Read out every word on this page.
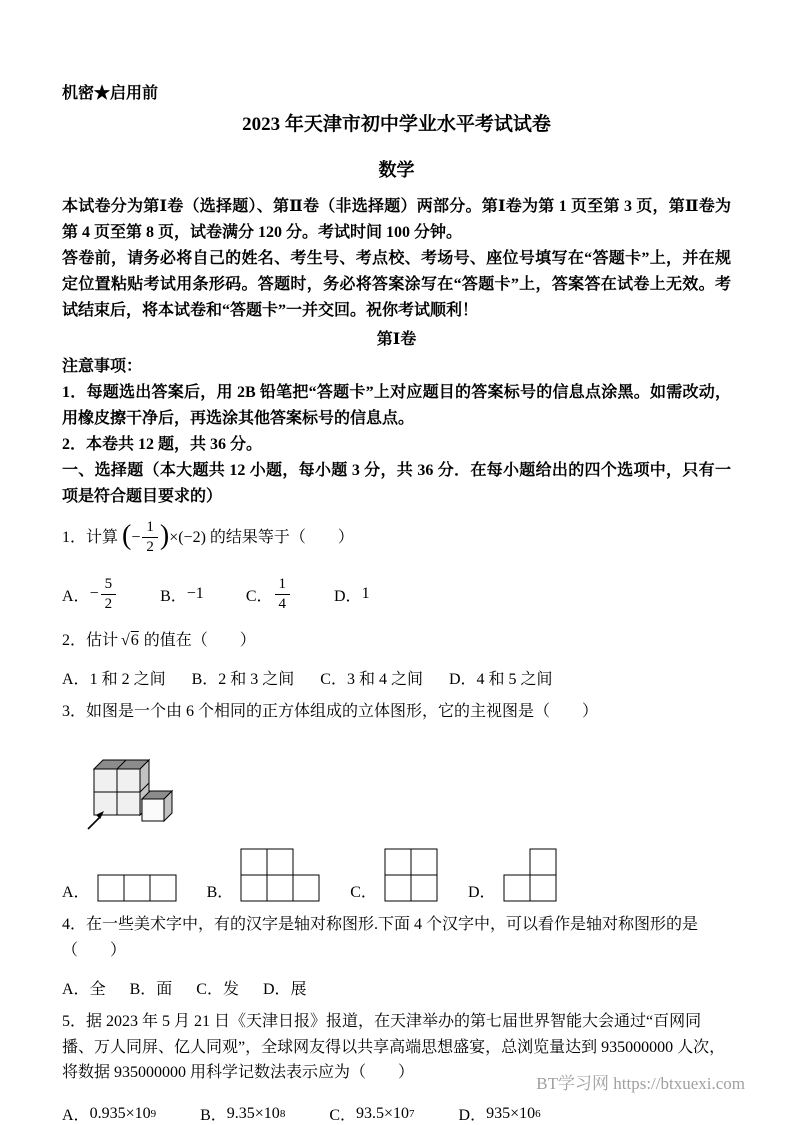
机密★启用前
2023 年天津市初中学业水平考试试卷
数学

本试卷分为第Ⅰ卷（选择题）、第Ⅱ卷（非选择题）两部分。第Ⅰ卷为第 1 页至第 3 页，第Ⅱ卷为第 4 页至第 8 页，试卷满分 120 分。考试时间 100 分钟。

答卷前，请务必将自己的姓名、考生号、考点校、考场号、座位号填写在“答题卡”上，并在规定位置粘贴考试用条形码。答题时，务必将答案涂写在“答题卡”上，答案答在试卷上无效。考试结束后，将本试卷和“答题卡”一并交回。祝你考试顺利！

第Ⅰ卷
注意事项：

1．每题选出答案后，用 2B 铅笔把“答题卡”上对应题目的答案标号的信息点涂黑。如需改动，用橡皮擦干净后，再选涂其他答案标号的信息点。

2．本卷共 12 题，共 36 分。

一、选择题（本大题共 12 小题，每小题 3 分，共 36 分．在每小题给出的四个选项中，只有一项是符合题目要求的）

1．计算 ( − $\frac{1}{2}$ ) ×(−2) 的结果等于（　　）
A． − $\frac{5}{2}$	B． −1	C． $\frac{1}{4}$	D． 1
2．估计 √6 的值在（　　）
A． 1 和 2 之间 B． 2 和 3 之间 C． 3 和 4 之间 D． 4 和 5 之间
3．如图是一个由 6 个相同的正方体组成的立体图形，它的主视图是（　　）
A．	B．	C．	D．
4．在一些美术字中，有的汉字是轴对称图形.下面 4 个汉字中，可以看作是轴对称图形的是（　　）
A． 全 B． 面 C． 发 D． 展
5．据 2023 年 5 月 21 日《天津日报》报道，在天津举办的第七届世界智能大会通过“百网同播、万人同屏、亿人同观”，全球网友得以共享高端思想盛宴，总浏览量达到 935000000 人次，将数据 935000000 用科学记数法表示应为（　　）
A． 0.935×10 9	B． 9.35×10 8	C． 93.5×10 7	D． 935×10 6
BT学习网 https://btxuexi.com
